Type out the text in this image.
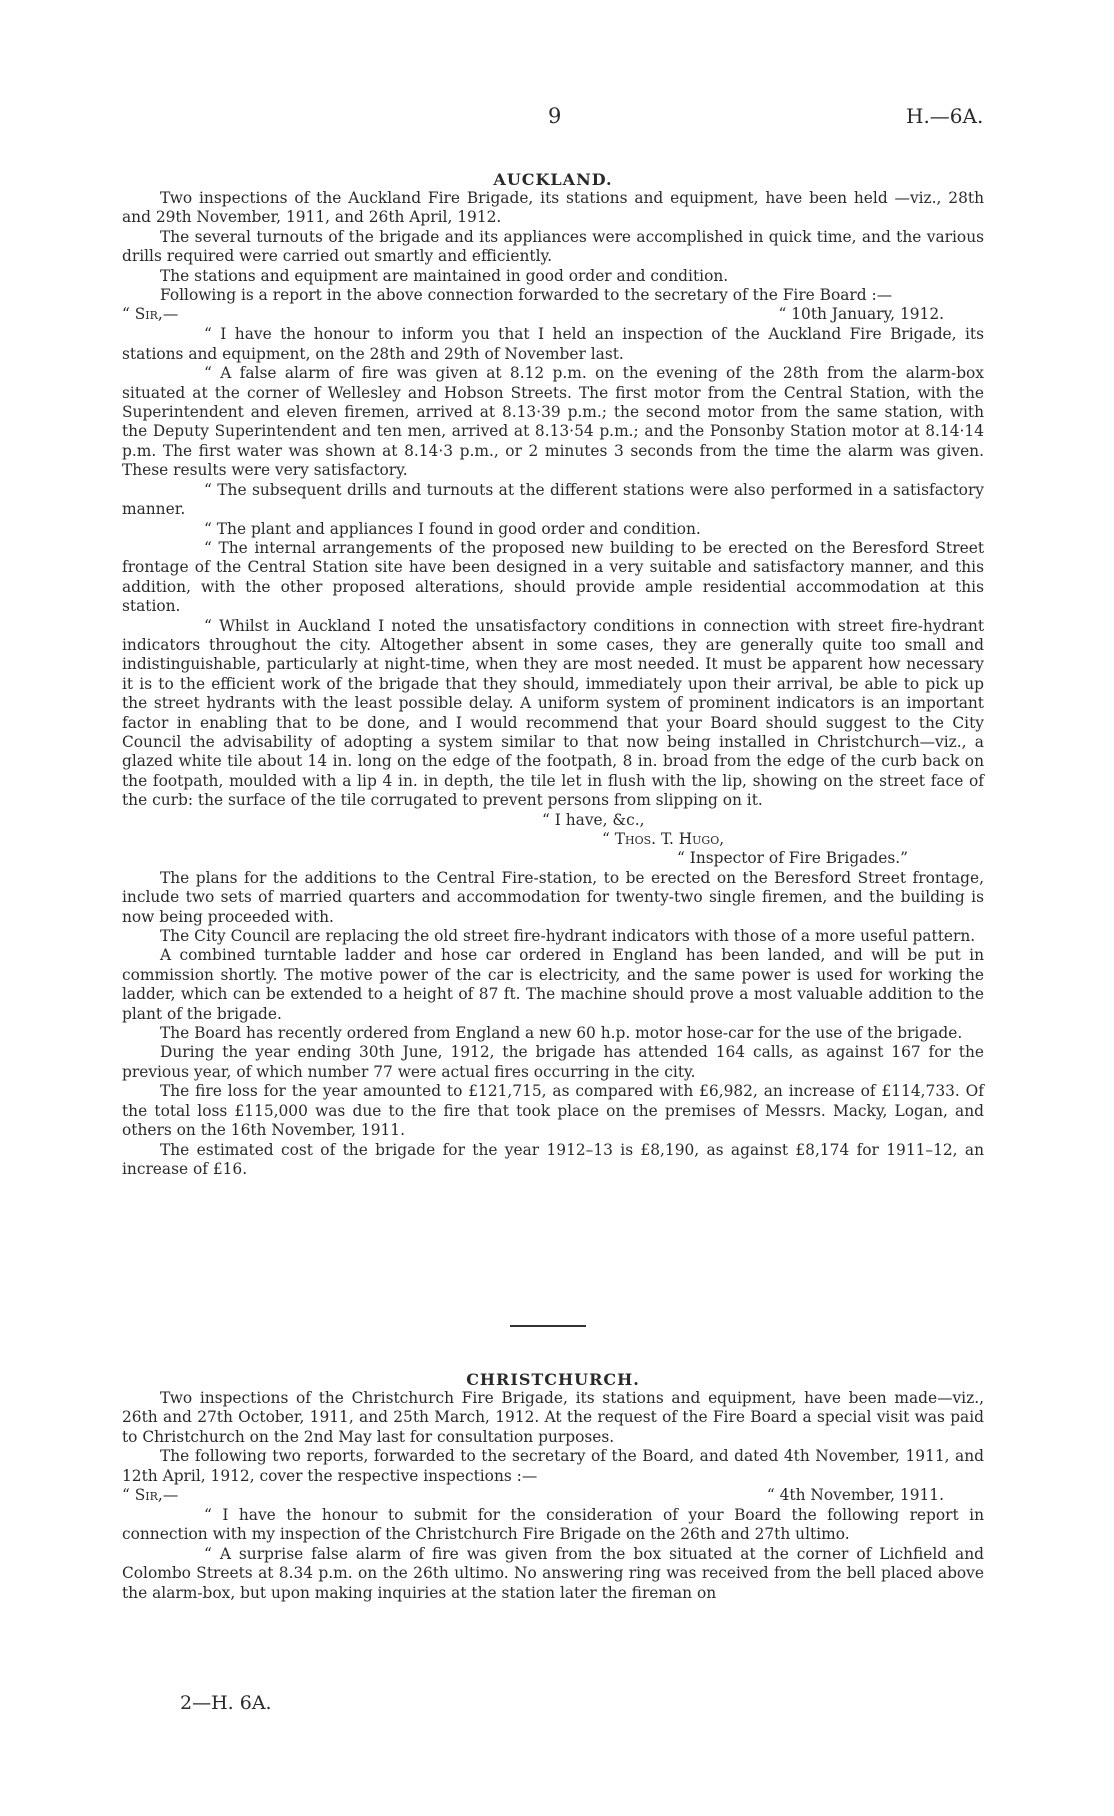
9	H.—6A.
AUCKLAND.

Two inspections of the Auckland Fire Brigade, its stations and equipment, have been held —viz., 28th and 29th November, 1911, and 26th April, 1912.

The several turnouts of the brigade and its appliances were accomplished in quick time, and the various drills required were carried out smartly and efficiently.

The stations and equipment are maintained in good order and condition.

Following is a report in the above connection forwarded to the secretary of the Fire Board :—

“ Sir,—	“ 10th January, 1912.

“ I have the honour to inform you that I held an inspection of the Auckland Fire Brigade, its stations and equipment, on the 28th and 29th of November last.

“ A false alarm of fire was given at 8.12 p.m. on the evening of the 28th from the alarm-box situated at the corner of Wellesley and Hobson Streets. The first motor from the Central Station, with the Superintendent and eleven firemen, arrived at 8.13·39 p.m.; the second motor from the same station, with the Deputy Superintendent and ten men, arrived at 8.13·54 p.m.; and the Ponsonby Station motor at 8.14·14 p.m. The first water was shown at 8.14·3 p.m., or 2 minutes 3 seconds from the time the alarm was given. These results were very satisfactory.

“ The subsequent drills and turnouts at the different stations were also performed in a satisfactory manner.

“ The plant and appliances I found in good order and condition.

“ The internal arrangements of the proposed new building to be erected on the Beresford Street frontage of the Central Station site have been designed in a very suitable and satisfactory manner, and this addition, with the other proposed alterations, should provide ample residential accommodation at this station.

“ Whilst in Auckland I noted the unsatisfactory conditions in connection with street fire-hydrant indicators throughout the city. Altogether absent in some cases, they are generally quite too small and indistinguishable, particularly at night-time, when they are most needed. It must be apparent how necessary it is to the efficient work of the brigade that they should, immediately upon their arrival, be able to pick up the street hydrants with the least possible delay. A uniform system of prominent indicators is an important factor in enabling that to be done, and I would recommend that your Board should suggest to the City Council the advisability of adopting a system similar to that now being installed in Christchurch—viz., a glazed white tile about 14 in. long on the edge of the footpath, 8 in. broad from the edge of the curb back on the footpath, moulded with a lip 4 in. in depth, the tile let in flush with the lip, showing on the street face of the curb: the surface of the tile corrugated to prevent persons from slipping on it.

“ I have, &c.,
“ Thos. T. Hugo,
“ Inspector of Fire Brigades.”

The plans for the additions to the Central Fire-station, to be erected on the Beresford Street frontage, include two sets of married quarters and accommodation for twenty-two single firemen, and the building is now being proceeded with.

The City Council are replacing the old street fire-hydrant indicators with those of a more useful pattern.

A combined turntable ladder and hose car ordered in England has been landed, and will be put in commission shortly. The motive power of the car is electricity, and the same power is used for working the ladder, which can be extended to a height of 87 ft. The machine should prove a most valuable addition to the plant of the brigade.

The Board has recently ordered from England a new 60 h.p. motor hose-car for the use of the brigade.

During the year ending 30th June, 1912, the brigade has attended 164 calls, as against 167 for the previous year, of which number 77 were actual fires occurring in the city.

The fire loss for the year amounted to £121,715, as compared with £6,982, an increase of £114,733. Of the total loss £115,000 was due to the fire that took place on the premises of Messrs. Macky, Logan, and others on the 16th November, 1911.

The estimated cost of the brigade for the year 1912–13 is £8,190, as against £8,174 for 1911–12, an increase of £16.

CHRISTCHURCH.

Two inspections of the Christchurch Fire Brigade, its stations and equipment, have been made—viz., 26th and 27th October, 1911, and 25th March, 1912. At the request of the Fire Board a special visit was paid to Christchurch on the 2nd May last for consultation purposes.

The following two reports, forwarded to the secretary of the Board, and dated 4th November, 1911, and 12th April, 1912, cover the respective inspections :—

“ Sir,—	“ 4th November, 1911.

“ I have the honour to submit for the consideration of your Board the following report in connection with my inspection of the Christchurch Fire Brigade on the 26th and 27th ultimo.

“ A surprise false alarm of fire was given from the box situated at the corner of Lichfield and Colombo Streets at 8.34 p.m. on the 26th ultimo. No answering ring was received from the bell placed above the alarm-box, but upon making inquiries at the station later the fireman on

2—H. 6A.
